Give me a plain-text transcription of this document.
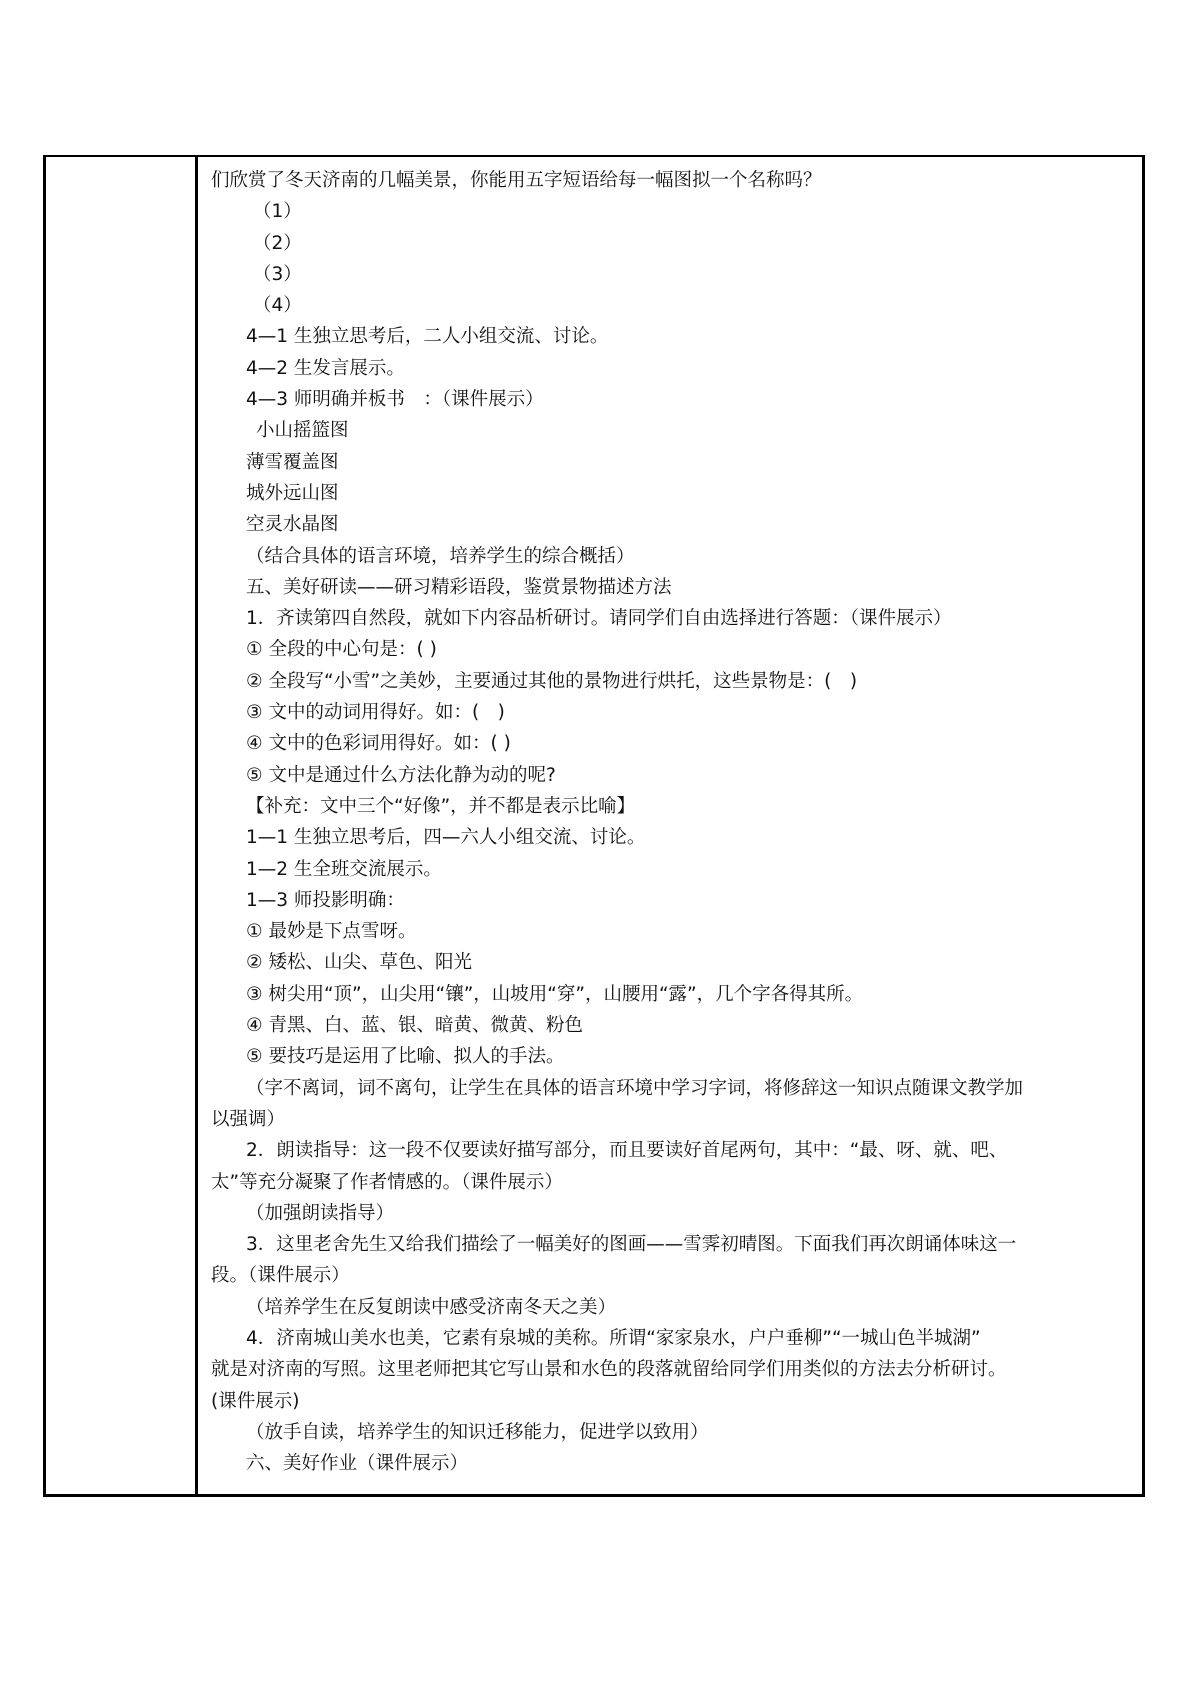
们欣赏了冬天济南的几幅美景，你能用五字短语给每一幅图拟一个名称吗？
（1）
（2）
（3）
（4）
4—1 生独立思考后，二人小组交流、讨论。
4—2 生发言展示。
4—3 师明确并板书　：（课件展示）
小山摇篮图
薄雪覆盖图
城外远山图
空灵水晶图
（结合具体的语言环境，培养学生的综合概括）
五、美好研读——研习精彩语段，鉴赏景物描述方法
1．齐读第四自然段，就如下内容品析研讨。请同学们自由选择进行答题：（课件展示）
① 全段的中心句是：( )
② 全段写“小雪”之美妙，主要通过其他的景物进行烘托，这些景物是：(　)
③ 文中的动词用得好。如：(　)
④ 文中的色彩词用得好。如：( )
⑤ 文中是通过什么方法化静为动的呢?
【补充：文中三个“好像”，并不都是表示比喻】
1—1 生独立思考后，四—六人小组交流、讨论。
1—2 生全班交流展示。
1—3 师投影明确：
① 最妙是下点雪呀。
② 矮松、山尖、草色、阳光
③ 树尖用“顶”，山尖用“镶”，山坡用“穿”，山腰用“露”，几个字各得其所。
④ 青黑、白、蓝、银、暗黄、微黄、粉色
⑤ 要技巧是运用了比喻、拟人的手法。
（字不离词，词不离句，让学生在具体的语言环境中学习字词，将修辞这一知识点随课文教学加
以强调）
2．朗读指导：这一段不仅要读好描写部分，而且要读好首尾两句，其中：“最、呀、就、吧、
太”等充分凝聚了作者情感的。（课件展示）
（加强朗读指导）
3．这里老舍先生又给我们描绘了一幅美好的图画——雪霁初晴图。下面我们再次朗诵体味这一
段。（课件展示）
（培养学生在反复朗读中感受济南冬天之美）
4．济南城山美水也美，它素有泉城的美称。所谓“家家泉水，户户垂柳”“一城山色半城湖”
就是对济南的写照。这里老师把其它写山景和水色的段落就留给同学们用类似的方法去分析研讨。
(课件展示)
（放手自读，培养学生的知识迁移能力，促进学以致用）
六、美好作业（课件展示）
